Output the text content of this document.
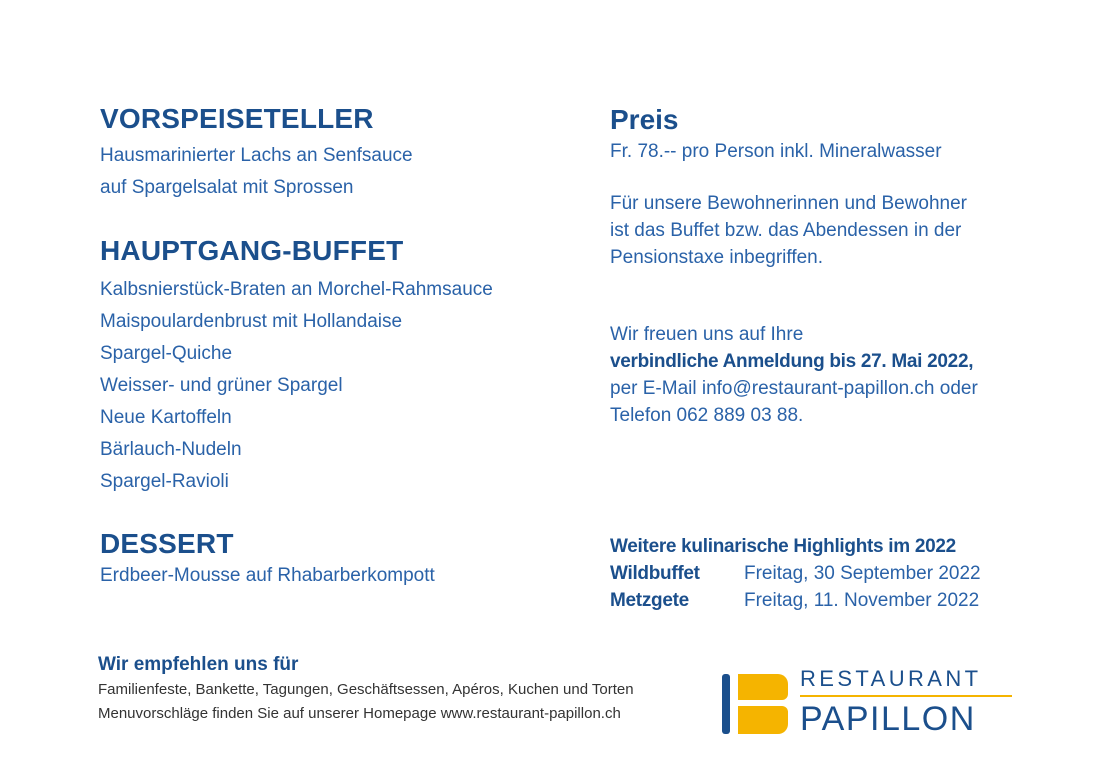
VORSPEISETELLER
Hausmarinierter Lachs an Senfsauce
auf Spargelsalat mit Sprossen
HAUPTGANG-BUFFET
Kalbsnierstück-Braten an Morchel-Rahmsauce
Maispoulardenbrust mit Hollandaise
Spargel-Quiche
Weisser- und grüner Spargel
Neue Kartoffeln
Bärlauch-Nudeln
Spargel-Ravioli
DESSERT
Erdbeer-Mousse auf Rhabarberkompott
Preis
Fr. 78.-- pro Person inkl. Mineralwasser
Für unsere Bewohnerinnen und Bewohner
ist das Buffet bzw. das Abendessen in der
Pensionstaxe inbegriffen.
Wir freuen uns auf Ihre
verbindliche Anmeldung bis 27. Mai 2022,
per E-Mail info@restaurant-papillon.ch oder
Telefon 062 889 03 88.
Weitere kulinarische Highlights im 2022
Wildbuffet	Freitag, 30 September 2022
Metzgete	Freitag, 11. November 2022
Wir empfehlen uns für
Familienfeste, Bankette, Tagungen, Geschäftsessen, Apéros, Kuchen und Torten
Menuvorschläge finden Sie auf unserer Homepage www.restaurant-papillon.ch
RESTAURANT
PAPILLON
